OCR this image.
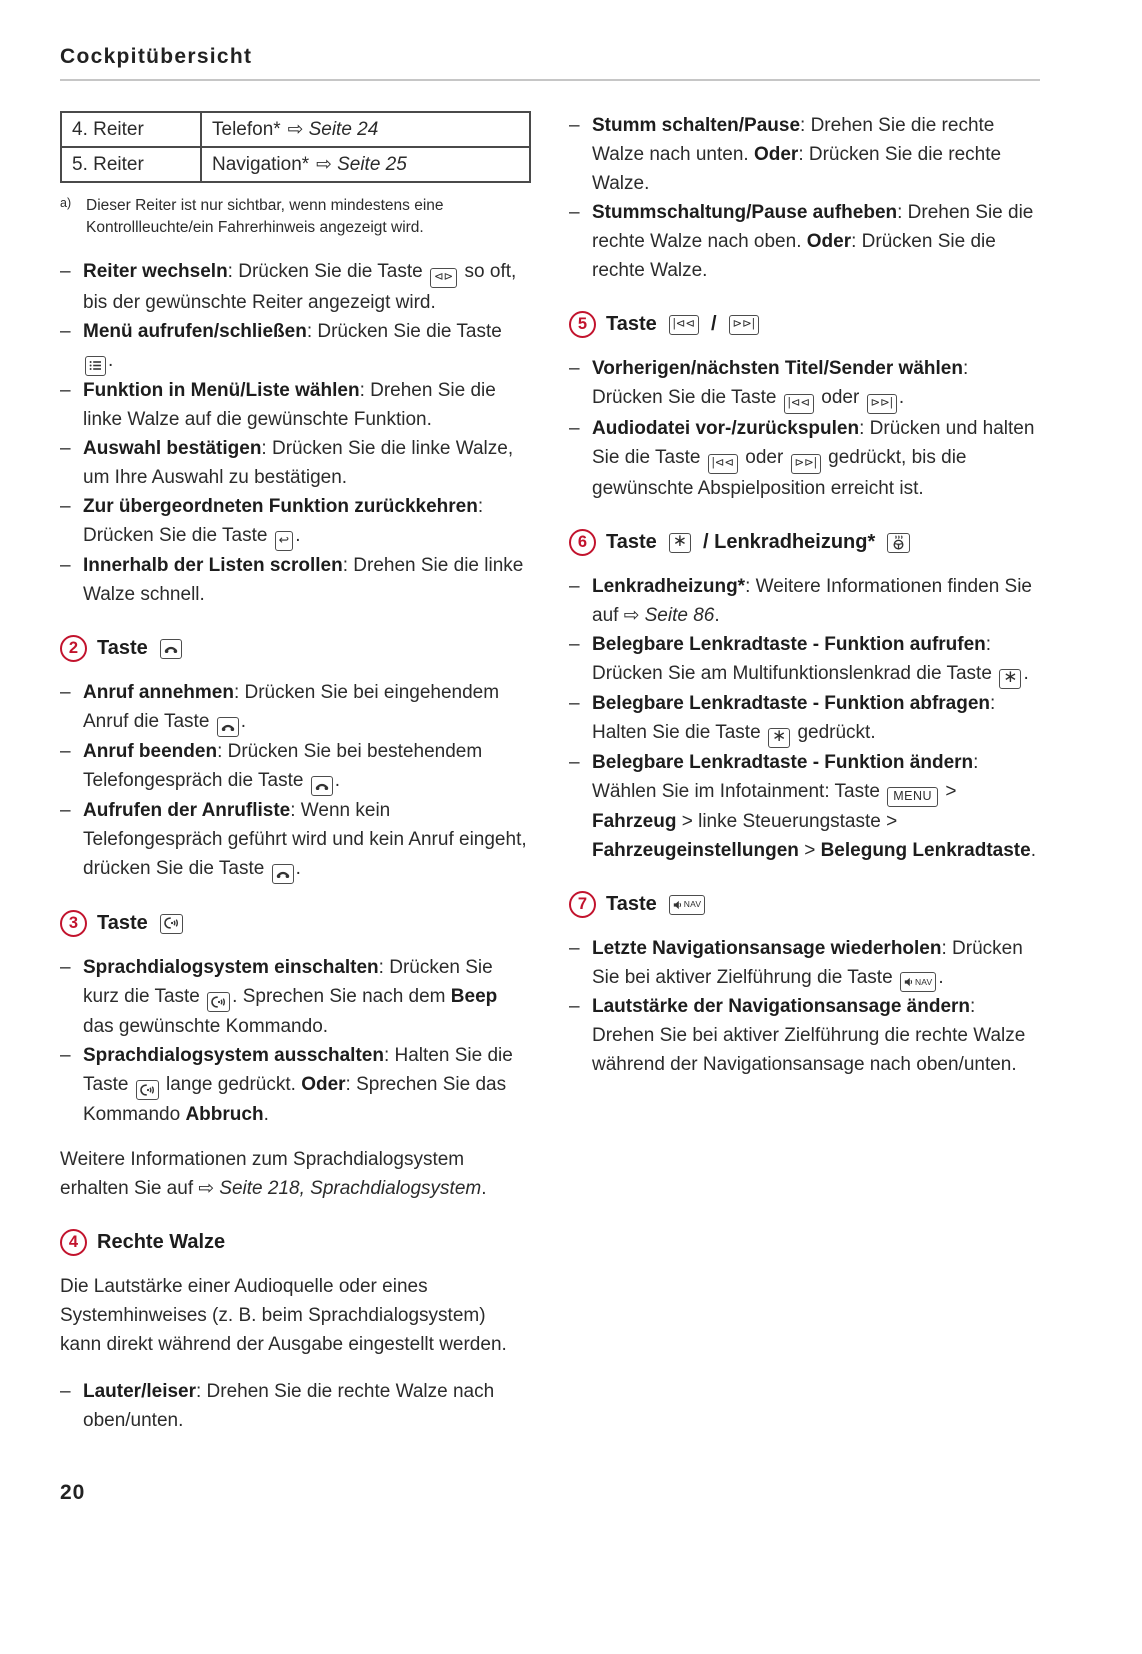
Cockpitübersicht
4. Reiter	Telefon* ⇨ Seite 24
5. Reiter	Navigation* ⇨ Seite 25
a) Dieser Reiter ist nur sichtbar, wenn mindestens eine Kontrollleuchte/ein Fahrerhinweis angezeigt wird.
– Reiter wechseln: Drücken Sie die Taste ⊲⊳ so oft, bis der gewünschte Reiter angezeigt wird.
– Menü aufrufen/schließen: Drücken Sie die Taste .
– Funktion in Menü/Liste wählen: Drehen Sie die linke Walze auf die gewünschte Funktion.
– Auswahl bestätigen: Drücken Sie die linke Walze, um Ihre Auswahl zu bestätigen.
– Zur übergeordneten Funktion zurückkehren: Drücken Sie die Taste ↩ .
– Innerhalb der Listen scrollen: Drehen Sie die linke Walze schnell.
2 Taste
– Anruf annehmen: Drücken Sie bei eingehendem Anruf die Taste .
– Anruf beenden: Drücken Sie bei bestehendem Telefongespräch die Taste .
– Aufrufen der Anrufliste: Wenn kein Telefongespräch geführt wird und kein Anruf eingeht, drücken Sie die Taste .
3 Taste
– Sprachdialogsystem einschalten: Drücken Sie kurz die Taste . Sprechen Sie nach dem Beep das gewünschte Kommando.
– Sprachdialogsystem ausschalten: Halten Sie die Taste  lange gedrückt. Oder: Sprechen Sie das Kommando Abbruch.

Weitere Informationen zum Sprachdialogsystem erhalten Sie auf ⇨ Seite 218, Sprachdialogsystem.

4 Rechte Walze

Die Lautstärke einer Audioquelle oder eines Systemhinweises (z. B. beim Sprachdialogsystem) kann direkt während der Ausgabe eingestellt werden.

– Lauter/leiser: Drehen Sie die rechte Walze nach oben/unten.
– Stumm schalten/Pause: Drehen Sie die rechte Walze nach unten. Oder: Drücken Sie die rechte Walze.
– Stummschaltung/Pause aufheben: Drehen Sie die rechte Walze nach oben. Oder: Drücken Sie die rechte Walze.
5 Taste	|⊲⊲ /	⊳⊳|
– Vorherigen/nächsten Titel/Sender wählen: Drücken Sie die Taste |⊲⊲ oder ⊳⊳| .
– Audiodatei vor-/zurückspulen: Drücken und halten Sie die Taste |⊲⊲ oder ⊳⊳| gedrückt, bis die gewünschte Abspielposition erreicht ist.
6 Taste ∗ / Lenkradheizung*
– Lenkradheizung*: Weitere Informationen finden Sie auf ⇨ Seite 86.
– Belegbare Lenkradtaste - Funktion aufrufen: Drücken Sie am Multifunktionslenkrad die Taste ∗ .
– Belegbare Lenkradtaste - Funktion abfragen: Halten Sie die Taste ∗ gedrückt.
– Belegbare Lenkradtaste - Funktion ändern: Wählen Sie im Infotainment: Taste MENU > Fahrzeug > linke Steuerungstaste > Fahrzeugeinstellungen > Belegung Lenkradtaste.
7 Taste	NAV
– Letzte Navigationsansage wiederholen: Drücken Sie bei aktiver Zielführung die Taste NAV .
– Lautstärke der Navigationsansage ändern: Drehen Sie bei aktiver Zielführung die rechte Walze während der Navigationsansage nach oben/unten.
20
